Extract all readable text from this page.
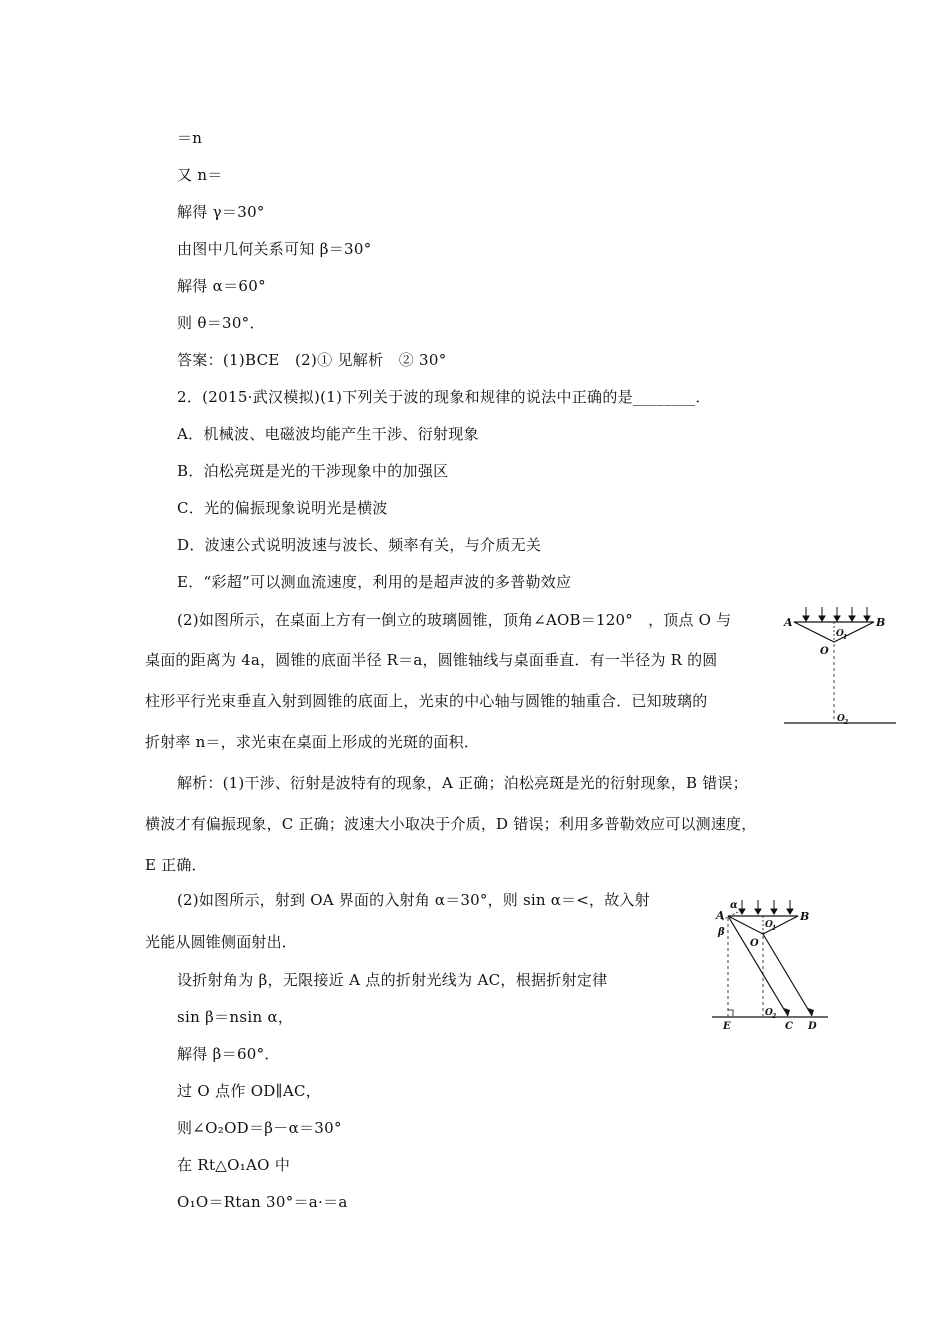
＝n
又 n＝
解得 γ＝30°
由图中几何关系可知 β＝30°
解得 α＝60°
则 θ＝30°．
答案：(1)BCE　(2)① 见解析　② 30°
2．(2015·武汉模拟)(1)下列关于波的现象和规律的说法中正确的是________．
A．机械波、电磁波均能产生干涉、衍射现象
B．泊松亮斑是光的干涉现象中的加强区
C．光的偏振现象说明光是横波
D．波速公式说明波速与波长、频率有关，与介质无关
E．“彩超”可以测血流速度，利用的是超声波的多普勒效应
(2)如图所示，在桌面上方有一倒立的玻璃圆锥，顶角∠AOB＝120°　，顶点 O 与
桌面的距离为 4a，圆锥的底面半径 R＝a，圆锥轴线与桌面垂直．有一半径为 R 的圆
柱形平行光束垂直入射到圆锥的底面上，光束的中心轴与圆锥的轴重合．已知玻璃的
折射率 n＝，求光束在桌面上形成的光斑的面积．
解析：(1)干涉、衍射是波特有的现象，A 正确；泊松亮斑是光的衍射现象，B 错误；
横波才有偏振现象，C 正确；波速大小取决于介质，D 错误；利用多普勒效应可以测速度，
E 正确．
(2)如图所示，射到 OA 界面的入射角 α＝30°，则 sin α＝<，故入射
光能从圆锥侧面射出．
设折射角为 β，无限接近 A 点的折射光线为 AC，根据折射定律
sin β＝nsin α，
解得 β＝60°．
过 O 点作 OD∥AC，
则∠O₂OD＝β－α＝30°
在 Rt△O₁AO 中
O₁O＝Rtan 30°＝a·＝a
A	B
O 1
O
O 2
α
A
β
B
O 1
O
O 2
E	C D
